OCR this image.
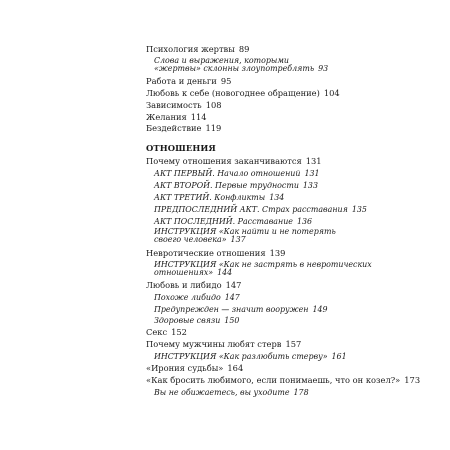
Психология жертвы 89
Слова и выражения, которыми «жертвы» склонны злоупотреблять 93
Работа и деньги 95
Любовь к себе (новогоднее обращение) 104
Зависимость 108
Желания 114
Бездействие 119
ОТНОШЕНИЯ
Почему отношения заканчиваются 131
АКТ ПЕРВЫЙ. Начало отношений 131
АКТ ВТОРОЙ. Первые трудности 133
АКТ ТРЕТИЙ. Конфликты 134
ПРЕДПОСЛЕДНИЙ АКТ. Страх расставания 135
АКТ ПОСЛЕДНИЙ. Расставание 136
ИНСТРУКЦИЯ «Как найти и не потерять своего человека» 137
Невротические отношения 139
ИНСТРУКЦИЯ «Как не застрять в невротических отношениях» 144
Любовь и либидо 147
Похоже либидо 147
Предупрежден — значит вооружен 149
Здоровые связи 150
Секс 152
Почему мужчины любят стерв 157
ИНСТРУКЦИЯ «Как разлюбить стерву» 161
«Ирония судьбы» 164
«Как бросить любимого, если понимаешь, что он козел?» 173
Вы не обижаетесь, вы уходите 178
